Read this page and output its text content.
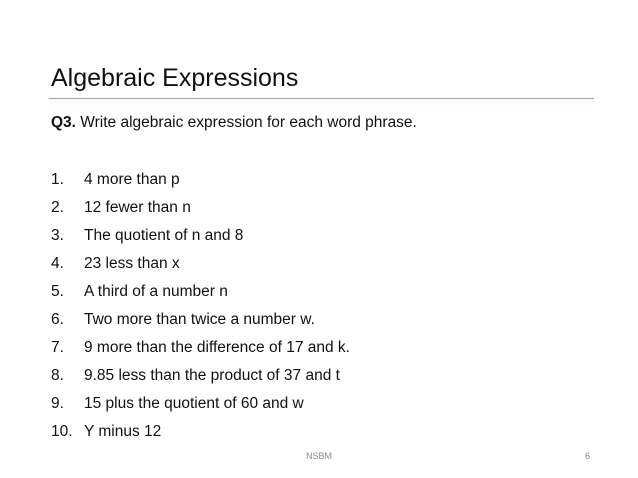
Algebraic Expressions
Q3. Write algebraic expression for each word phrase.
1.	4 more than p
2.	12 fewer than n
3.	The quotient of n and 8
4.	23 less than x
5.	A third of a number n
6.	Two more than twice a number w.
7.	9 more than the difference of 17 and k.
8.	9.85 less than the product of 37 and t
9.	15 plus the quotient of 60 and w
10. Y minus 12
NSBM	6
